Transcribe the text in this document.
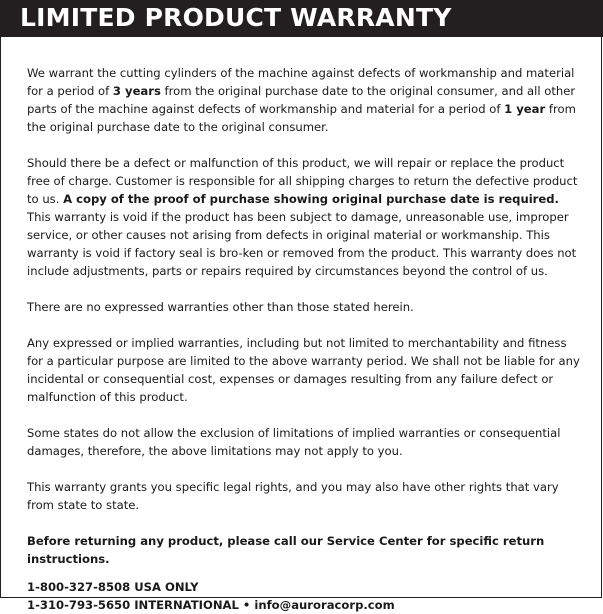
LIMITED PRODUCT WARRANTY

We warrant the cutting cylinders of the machine against defects of workmanship and material for a period of 3 years from the original purchase date to the original consumer, and all other parts of the machine against defects of workmanship and material for a period of 1 year from the original purchase date to the original consumer.

Should there be a defect or malfunction of this product, we will repair or replace the product free of charge. Customer is responsible for all shipping charges to return the defective product to us. A copy of the proof of purchase showing original purchase date is required. This warranty is void if the product has been subject to damage, unreasonable use, improper service, or other causes not arising from defects in original material or workmanship. This warranty is void if factory seal is bro-ken or removed from the product. This warranty does not include adjustments, parts or repairs required by circumstances beyond the control of us.

There are no expressed warranties other than those stated herein.

Any expressed or implied warranties, including but not limited to merchantability and fitness for a particular purpose are limited to the above warranty period. We shall not be liable for any incidental or consequential cost, expenses or damages resulting from any failure defect or malfunction of this product.

Some states do not allow the exclusion of limitations of implied warranties or consequential damages, therefore, the above limitations may not apply to you.

This warranty grants you specific legal rights, and you may also have other rights that vary from state to state.

Before returning any product, please call our Service Center for specific return instructions.

1-800-327-8508 USA ONLY
1-310-793-5650 INTERNATIONAL • info@auroracorp.com
